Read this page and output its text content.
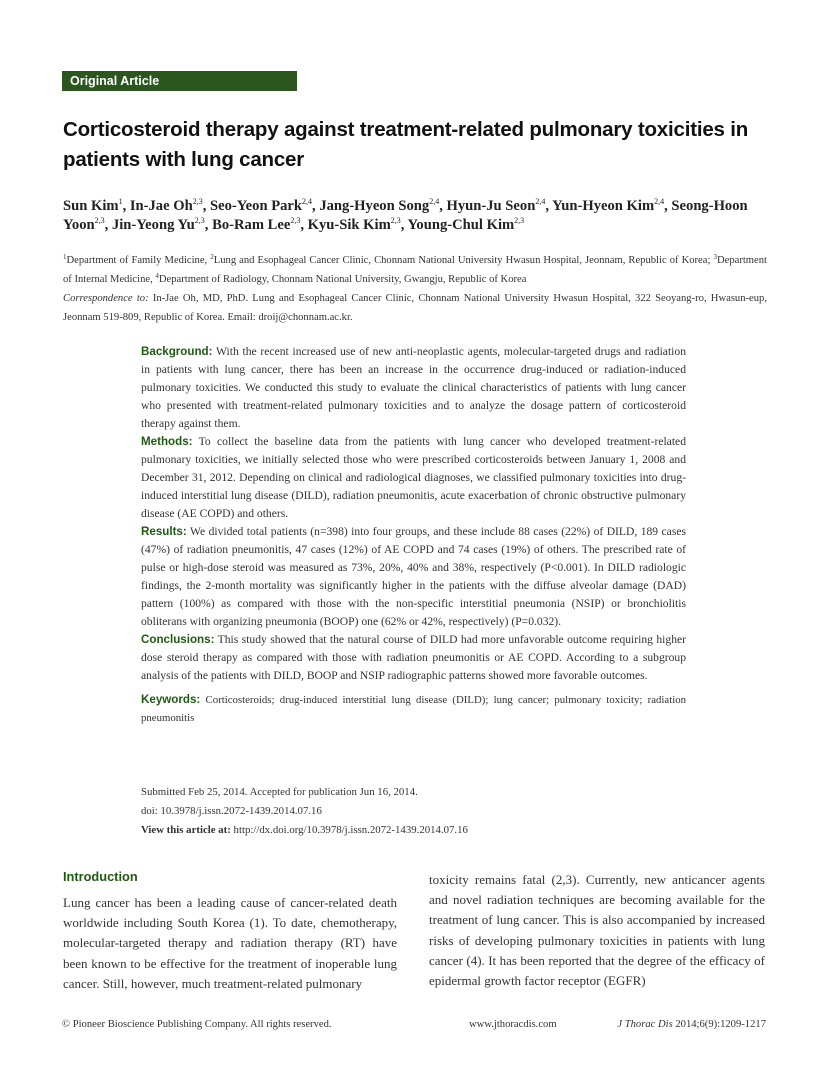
Original Article
Corticosteroid therapy against treatment-related pulmonary toxicities in patients with lung cancer
Sun Kim$^1$, In-Jae Oh$^{2,3}$, Seo-Yeon Park$^{2,4}$, Jang-Hyeon Song$^{2,4}$, Hyun-Ju Seon$^{2,4}$, Yun-Hyeon Kim$^{2,4}$, Seong-Hoon Yoon$^{2,3}$, Jin-Yeong Yu$^{2,3}$, Bo-Ram Lee$^{2,3}$, Kyu-Sik Kim$^{2,3}$, Young-Chul Kim$^{2,3}$
$^1$Department of Family Medicine, $^2$Lung and Esophageal Cancer Clinic, Chonnam National University Hwasun Hospital, Jeonnam, Republic of Korea; $^3$Department of Internal Medicine, $^4$Department of Radiology, Chonnam National University, Gwangju, Republic of Korea
Correspondence to: In-Jae Oh, MD, PhD. Lung and Esophageal Cancer Clinic, Chonnam National University Hwasun Hospital, 322 Seoyang-ro, Hwasun-eup, Jeonnam 519-809, Republic of Korea. Email: droij@chonnam.ac.kr.

Background: With the recent increased use of new anti-neoplastic agents, molecular-targeted drugs and radiation in patients with lung cancer, there has been an increase in the occurrence drug-induced or radiation-induced pulmonary toxicities. We conducted this study to evaluate the clinical characteristics of patients with lung cancer who presented with treatment-related pulmonary toxicities and to analyze the dosage pattern of corticosteroid therapy against them.

Methods: To collect the baseline data from the patients with lung cancer who developed treatment-related pulmonary toxicities, we initially selected those who were prescribed corticosteroids between January 1, 2008 and December 31, 2012. Depending on clinical and radiological diagnoses, we classified pulmonary toxicities into drug-induced interstitial lung disease (DILD), radiation pneumonitis, acute exacerbation of chronic obstructive pulmonary disease (AE COPD) and others.

Results: We divided total patients (n=398) into four groups, and these include 88 cases (22%) of DILD, 189 cases (47%) of radiation pneumonitis, 47 cases (12%) of AE COPD and 74 cases (19%) of others. The prescribed rate of pulse or high-dose steroid was measured as 73%, 20%, 40% and 38%, respectively (P<0.001). In DILD radiologic findings, the 2-month mortality was significantly higher in the patients with the diffuse alveolar damage (DAD) pattern (100%) as compared with those with the non-specific interstitial pneumonia (NSIP) or bronchiolitis obliterans with organizing pneumonia (BOOP) one (62% or 42%, respectively) (P=0.032).

Conclusions: This study showed that the natural course of DILD had more unfavorable outcome requiring higher dose steroid therapy as compared with those with radiation pneumonitis or AE COPD. According to a subgroup analysis of the patients with DILD, BOOP and NSIP radiographic patterns showed more favorable outcomes.

Keywords: Corticosteroids; drug-induced interstitial lung disease (DILD); lung cancer; pulmonary toxicity; radiation pneumonitis

Submitted Feb 25, 2014. Accepted for publication Jun 16, 2014.
doi: 10.3978/j.issn.2072-1439.2014.07.16
View this article at: http://dx.doi.org/10.3978/j.issn.2072-1439.2014.07.16
Introduction

Lung cancer has been a leading cause of cancer-related death worldwide including South Korea (1). To date, chemotherapy, molecular-targeted therapy and radiation therapy (RT) have been known to be effective for the treatment of inoperable lung cancer. Still, however, much treatment-related pulmonary

toxicity remains fatal (2,3). Currently, new anticancer agents and novel radiation techniques are becoming available for the treatment of lung cancer. This is also accompanied by increased risks of developing pulmonary toxicities in patients with lung cancer (4). It has been reported that the degree of the efficacy of epidermal growth factor receptor (EGFR)

© Pioneer Bioscience Publishing Company. All rights reserved.	www.jthoracdis.com	J Thorac Dis 2014;6(9):1209-1217
